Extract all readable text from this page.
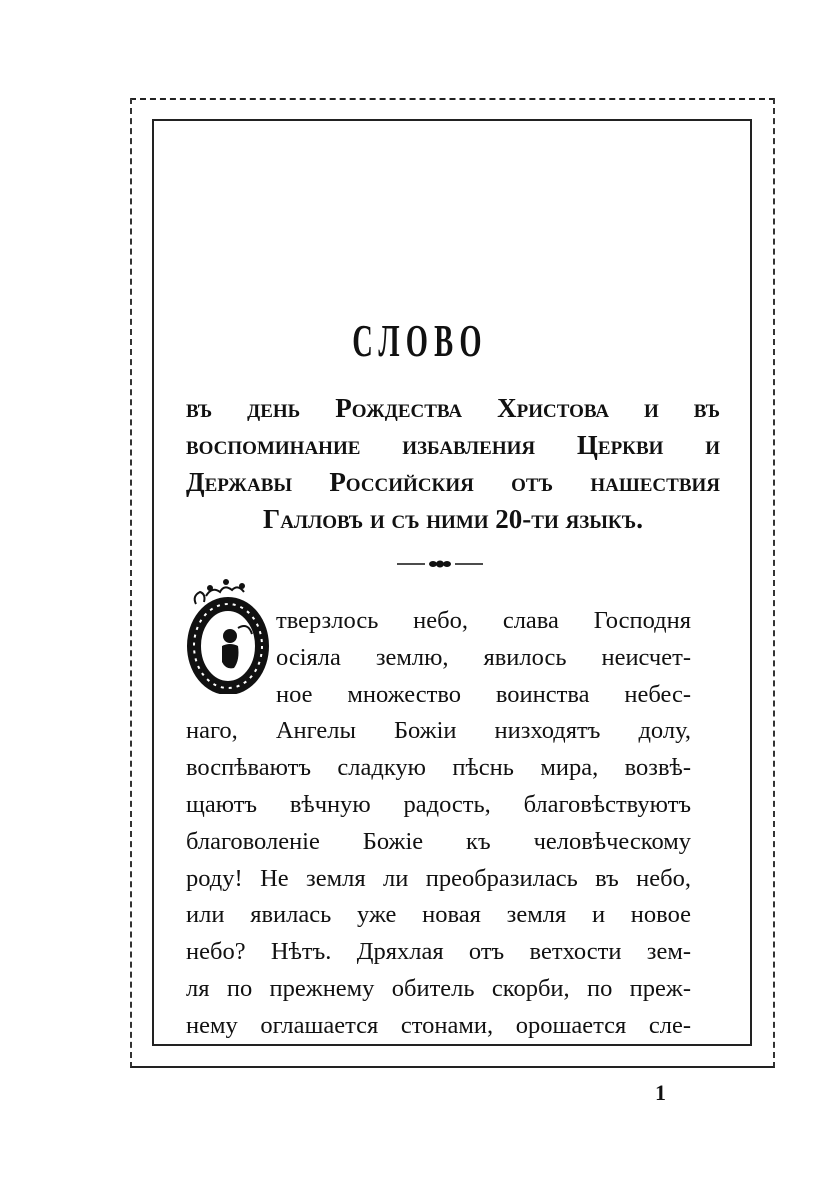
СЛОВО
въ день Рождества Христова и въ
воспоминание избавления Церкви и
Державы Российския отъ нашествия
Галловъ и съ ними 20-ти языкъ.
О
тверзлось небо, слава Господня
осіяла землю, явилось неисчет-
ное множество воинства небес-
наго, Ангелы Божіи низходятъ долу,
воспѣваютъ сладкую пѣснь мира, возвѣ-
щаютъ вѣчную радость, благовѣствуютъ
благоволеніе Божіе къ человѣческому
роду! Не земля ли преобразилась въ небо,
или явилась уже новая земля и новое
небо? Нѣтъ. Дряхлая отъ ветхости зем-
ля по прежнему обитель скорби, по преж-
нему оглашается стонами, орошается сле-
1
